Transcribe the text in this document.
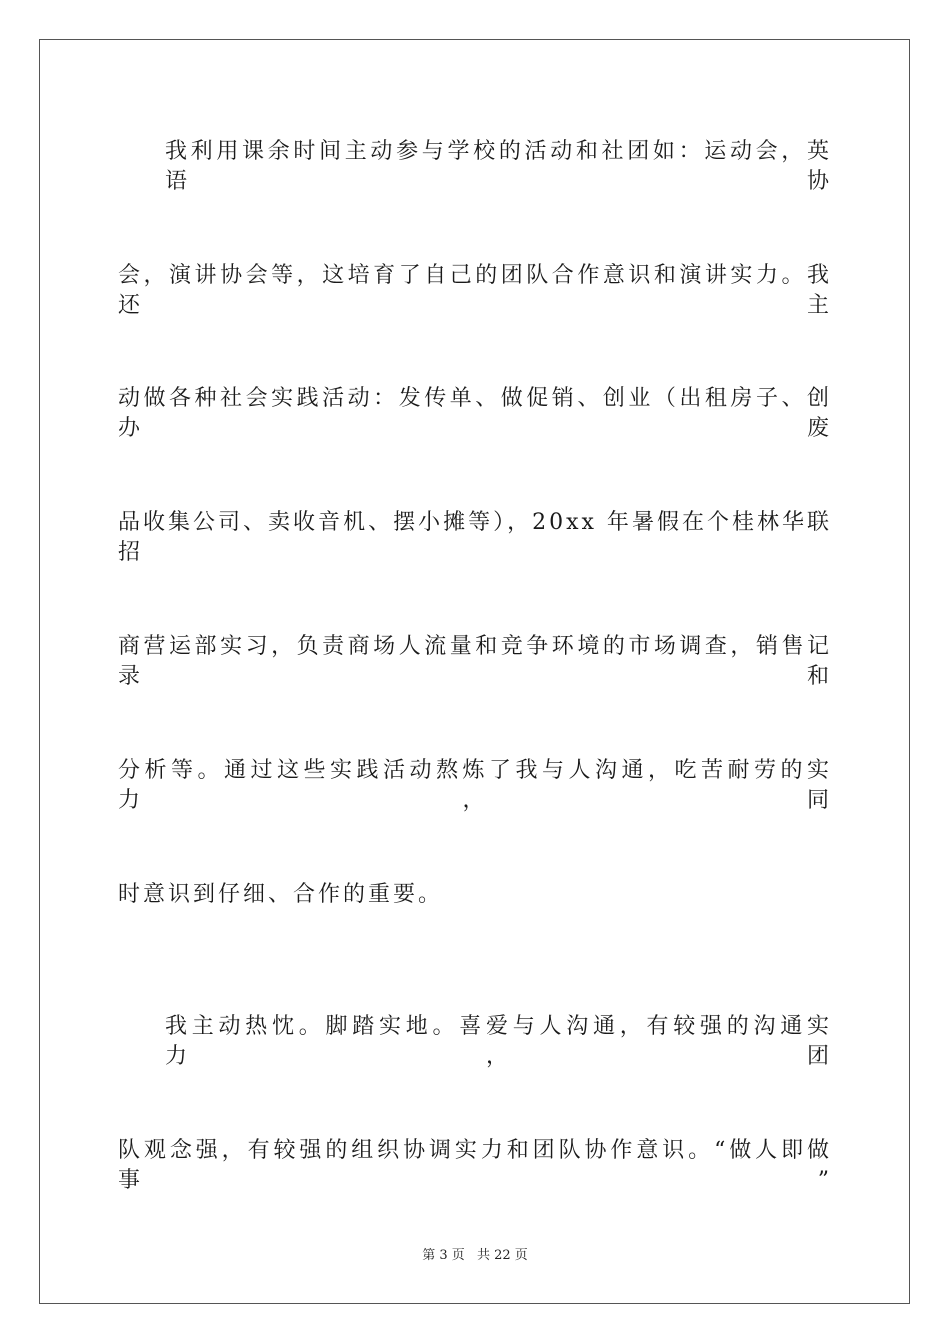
我利用课余时间主动参与学校的活动和社团如：运动会，英语协
会，演讲协会等，这培育了自己的团队合作意识和演讲实力。我还主
动做各种社会实践活动：发传单、做促销、创业（出租房子、创办废
品收集公司、卖收音机、摆小摊等），20xx 年暑假在个桂林华联招
商营运部实习，负责商场人流量和竞争环境的市场调查，销售记录和
分析等。通过这些实践活动熬炼了我与人沟通，吃苦耐劳的实力，同
时意识到仔细、合作的重要。
我主动热忱。脚踏实地。喜爱与人沟通，有较强的沟通实力，团
队观念强，有较强的组织协调实力和团队协作意识。“做人即做事”
第 3 页 共 22 页
